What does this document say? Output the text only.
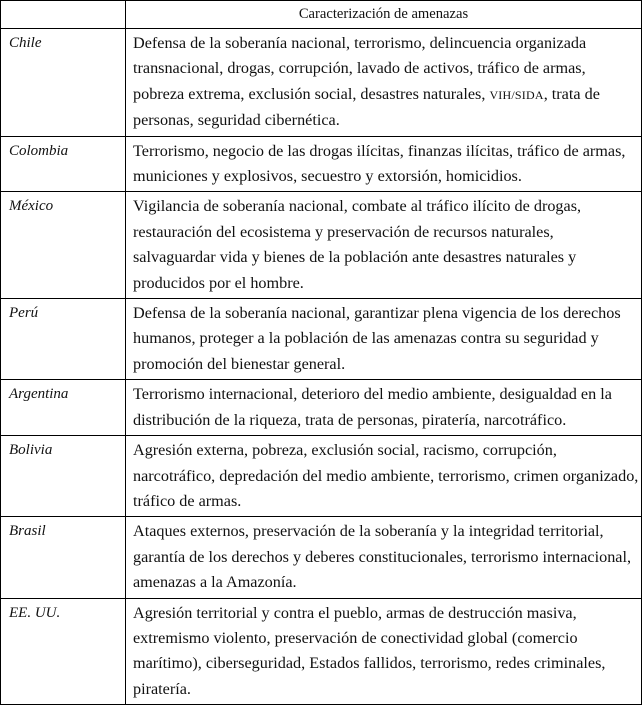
	Caracterización de amenazas
Chile	Defensa de la soberanía nacional, terrorismo, delincuencia organizada transnacional, drogas, corrupción, lavado de activos, tráfico de armas, pobreza extrema, exclusión social, desastres naturales, VIH/SIDA, trata de personas, seguridad cibernética.
Colombia	Terrorismo, negocio de las drogas ilícitas, finanzas ilícitas, tráfico de armas, municiones y explosivos, secuestro y extorsión, homicidios.
México	Vigilancia de soberanía nacional, combate al tráfico ilícito de drogas, restauración del ecosistema y preservación de recursos naturales, salvaguardar vida y bienes de la población ante desastres naturales y producidos por el hombre.
Perú	Defensa de la soberanía nacional, garantizar plena vigencia de los derechos humanos, proteger a la población de las amenazas contra su seguridad y promoción del bienestar general.
Argentina	Terrorismo internacional, deterioro del medio ambiente, desigualdad en la distribución de la riqueza, trata de personas, piratería, narcotráfico.
Bolivia	Agresión externa, pobreza, exclusión social, racismo, corrupción, narcotráfico, depredación del medio ambiente, terrorismo, crimen organizado, tráfico de armas.
Brasil	Ataques externos, preservación de la soberanía y la integridad territorial, garantía de los derechos y deberes constitucionales, terrorismo internacional, amenazas a la Amazonía.
EE. UU.	Agresión territorial y contra el pueblo, armas de destrucción masiva, extremismo violento, preservación de conectividad global (comercio marítimo), ciberseguridad, Estados fallidos, terrorismo, redes criminales, piratería.
